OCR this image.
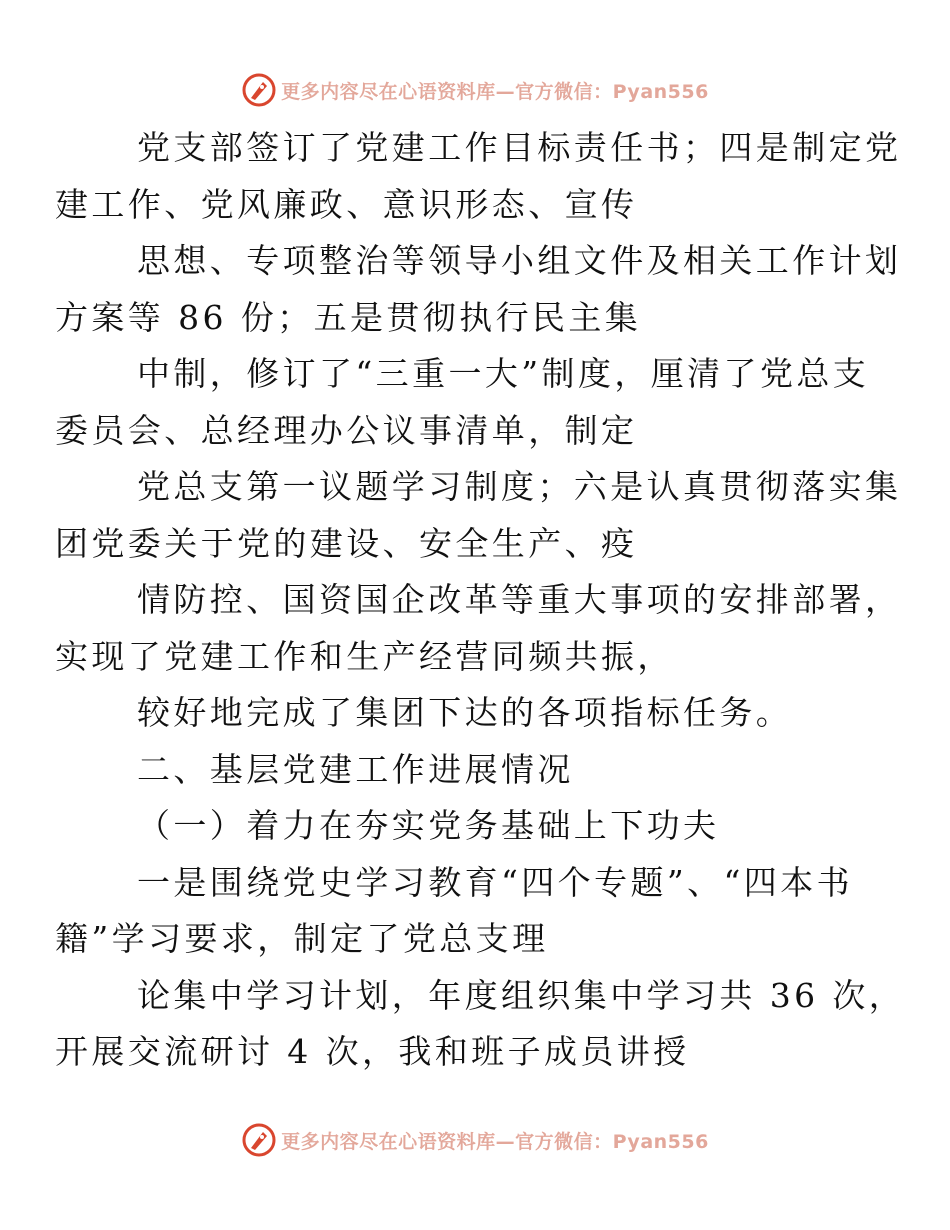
更多内容尽在心语资料库—官方微信：Pyan556

党支部签订了党建工作目标责任书；四是制定党
建工作、党风廉政、意识形态、宣传

思想、专项整治等领导小组文件及相关工作计划
方案等 86 份；五是贯彻执行民主集

中制，修订了“三重一大”制度，厘清了党总支
委员会、总经理办公议事清单，制定

党总支第一议题学习制度；六是认真贯彻落实集
团党委关于党的建设、安全生产、疫

情防控、国资国企改革等重大事项的安排部署，
实现了党建工作和生产经营同频共振，

较好地完成了集团下达的各项指标任务。

二、基层党建工作进展情况

（一）着力在夯实党务基础上下功夫

一是围绕党史学习教育“四个专题”、“四本书
籍”学习要求，制定了党总支理

论集中学习计划，年度组织集中学习共 36 次，
开展交流研讨 4 次，我和班子成员讲授

更多内容尽在心语资料库—官方微信：Pyan556
